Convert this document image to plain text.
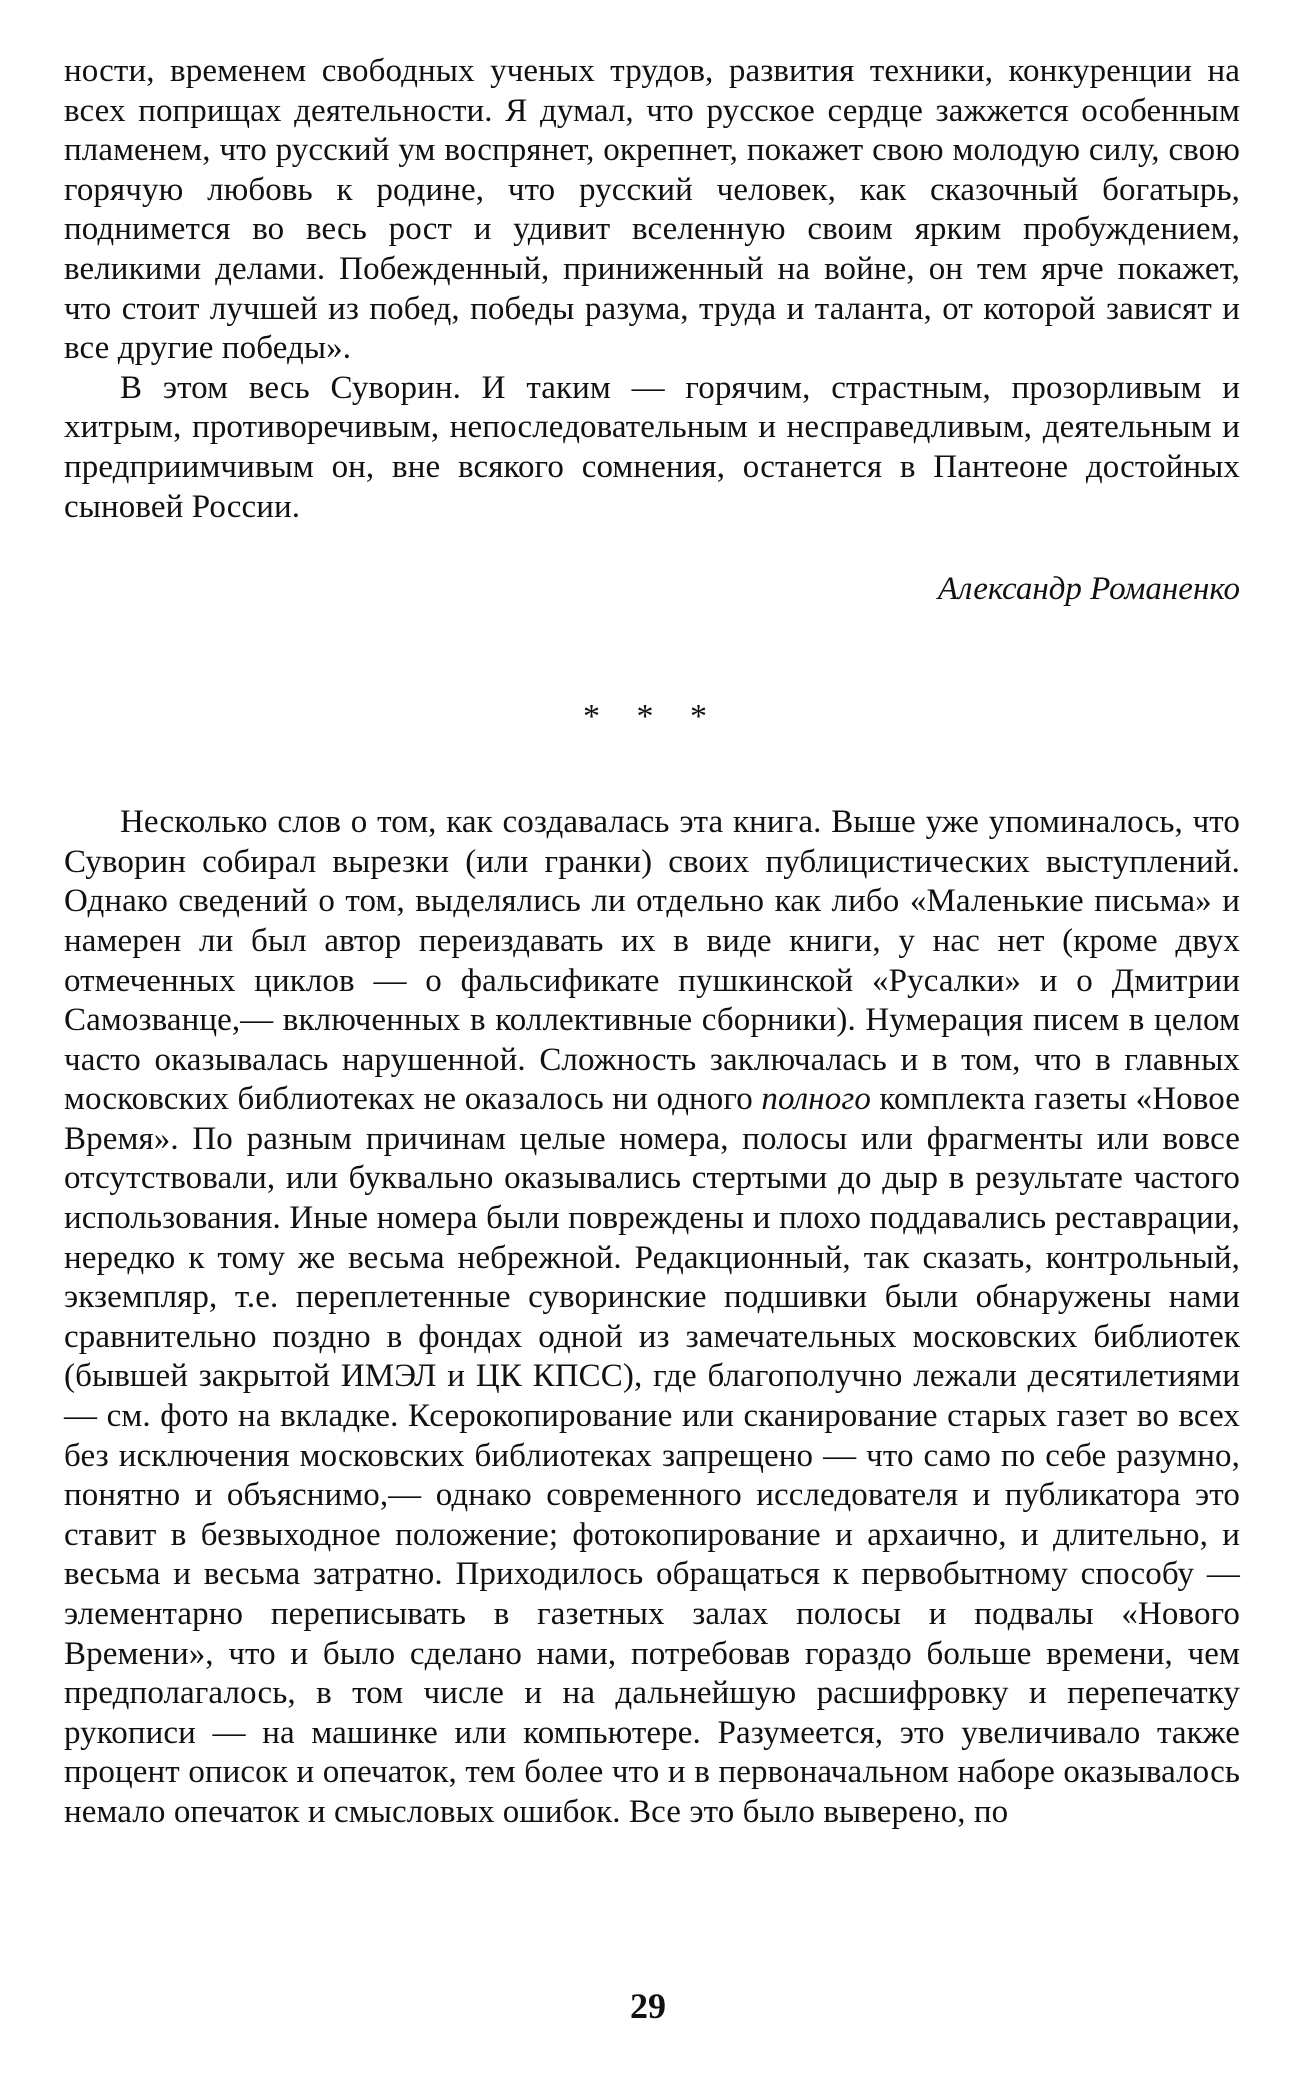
ности, временем свободных ученых трудов, развития техники, конкуренции на всех поприщах деятельности. Я думал, что русское сердце зажжется особенным пламенем, что русский ум воспрянет, окрепнет, покажет свою молодую силу, свою горячую любовь к родине, что русский человек, как сказочный богатырь, поднимется во весь рост и удивит вселенную своим ярким пробуждением, великими делами. Побежденный, приниженный на войне, он тем ярче покажет, что стоит лучшей из побед, победы разума, труда и таланта, от которой зависят и все другие победы».

В этом весь Суворин. И таким — горячим, страстным, прозорливым и хитрым, противоречивым, непоследовательным и несправедливым, деятельным и предприимчивым он, вне всякого сомнения, останется в Пантеоне достойных сыновей России.

Александр Романенко

* * *

Несколько слов о том, как создавалась эта книга. Выше уже упоминалось, что Суворин собирал вырезки (или гранки) своих публицистических выступлений. Однако сведений о том, выделялись ли отдельно как либо «Маленькие письма» и намерен ли был автор переиздавать их в виде книги, у нас нет (кроме двух отмеченных циклов — о фальсификате пушкинской «Русалки» и о Дмитрии Самозванце,— включенных в коллективные сборники). Нумерация писем в целом часто оказывалась нарушенной. Сложность заключалась и в том, что в главных московских библиотеках не оказалось ни одного полного комплекта газеты «Новое Время». По разным причинам целые номера, полосы или фрагменты или вовсе отсутствовали, или буквально оказывались стертыми до дыр в результате частого использования. Иные номера были повреждены и плохо поддавались реставрации, нередко к тому же весьма небрежной. Редакционный, так сказать, контрольный, экземпляр, т.е. переплетенные суворинские подшивки были обнаружены нами сравнительно поздно в фондах одной из замечательных московских библиотек (бывшей закрытой ИМЭЛ и ЦК КПСС), где благополучно лежали десятилетиями — см. фото на вкладке. Ксерокопирование или сканирование старых газет во всех без исключения московских библиотеках запрещено — что само по себе разумно, понятно и объяснимо,— однако современного исследователя и публикатора это ставит в безвыходное положение; фотокопирование и архаично, и длительно, и весьма и весьма затратно. Приходилось обращаться к первобытному способу — элементарно переписывать в газетных залах полосы и подвалы «Нового Времени», что и было сделано нами, потребовав гораздо больше времени, чем предполагалось, в том числе и на дальнейшую расшифровку и перепечатку рукописи — на машинке или компьютере. Разумеется, это увеличивало также процент описок и опечаток, тем более что и в первоначальном наборе оказывалось немало опечаток и смысловых ошибок. Все это было выверено, по

29
